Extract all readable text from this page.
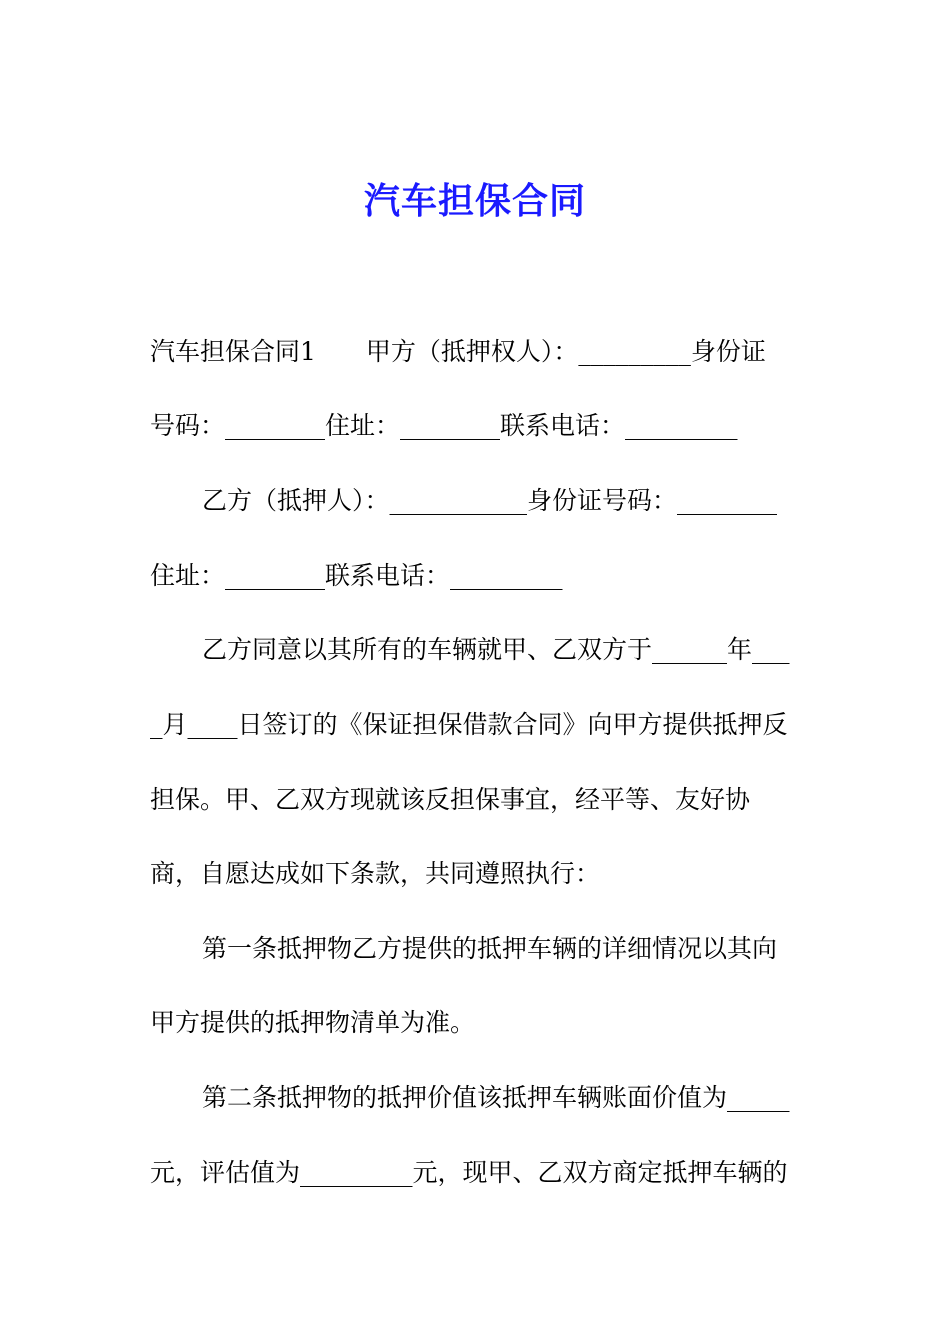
汽车担保合同
汽车担保合同1　　甲方（抵押权人）：_________身份证
号码：________住址：________联系电话：_________
乙方（抵押人）：___________身份证号码：________
住址：________联系电话：_________
乙方同意以其所有的车辆就甲、乙双方于______年___
_月____日签订的《保证担保借款合同》向甲方提供抵押反
担保。甲、乙双方现就该反担保事宜，经平等、友好协
商，自愿达成如下条款，共同遵照执行：
第一条抵押物乙方提供的抵押车辆的详细情况以其向
甲方提供的抵押物清单为准。
第二条抵押物的抵押价值该抵押车辆账面价值为_____
元，评估值为_________元，现甲、乙双方商定抵押车辆的
